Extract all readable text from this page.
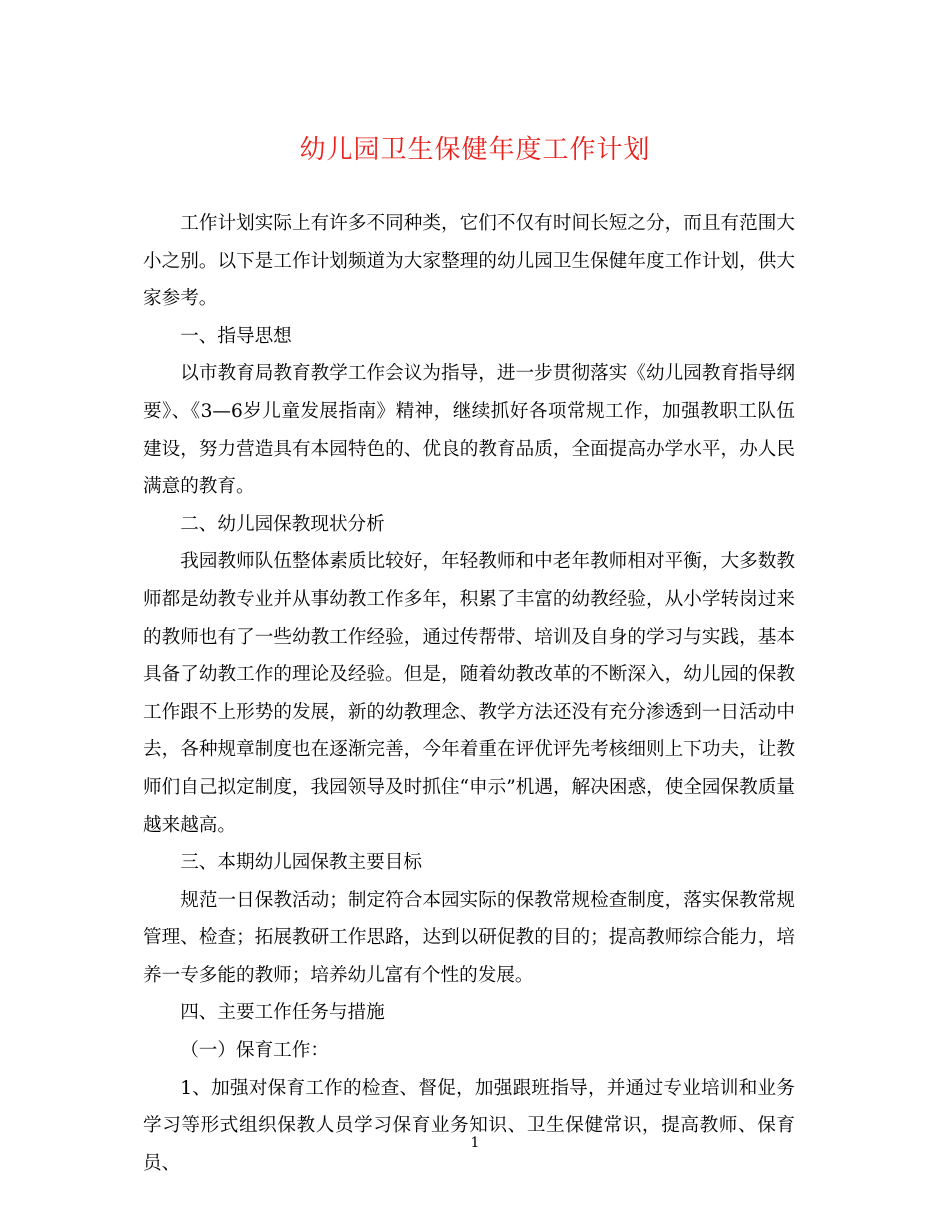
幼儿园卫生保健年度工作计划

工作计划实际上有许多不同种类，它们不仅有时间长短之分，而且有范围大小之别。以下是工作计划频道为大家整理的幼儿园卫生保健年度工作计划，供大家参考。

一、指导思想

以市教育局教育教学工作会议为指导，进一步贯彻落实《幼儿园教育指导纲要》、《3—6岁儿童发展指南》精神，继续抓好各项常规工作，加强教职工队伍建设，努力营造具有本园特色的、优良的教育品质，全面提高办学水平，办人民满意的教育。

二、幼儿园保教现状分析

我园教师队伍整体素质比较好，年轻教师和中老年教师相对平衡，大多数教师都是幼教专业并从事幼教工作多年，积累了丰富的幼教经验，从小学转岗过来的教师也有了一些幼教工作经验，通过传帮带、培训及自身的学习与实践，基本具备了幼教工作的理论及经验。但是，随着幼教改革的不断深入，幼儿园的保教工作跟不上形势的发展，新的幼教理念、教学方法还没有充分渗透到一日活动中去，各种规章制度也在逐渐完善，今年着重在评优评先考核细则上下功夫，让教师们自己拟定制度，我园领导及时抓住“申示”机遇，解决困惑，使全园保教质量越来越高。

三、本期幼儿园保教主要目标

规范一日保教活动；制定符合本园实际的保教常规检查制度，落实保教常规管理、检查；拓展教研工作思路，达到以研促教的目的；提高教师综合能力，培养一专多能的教师；培养幼儿富有个性的发展。

四、主要工作任务与措施

（一）保育工作：

1、加强对保育工作的检查、督促，加强跟班指导，并通过专业培训和业务学习等形式组织保教人员学习保育业务知识、卫生保健常识，提高教师、保育员、

1
